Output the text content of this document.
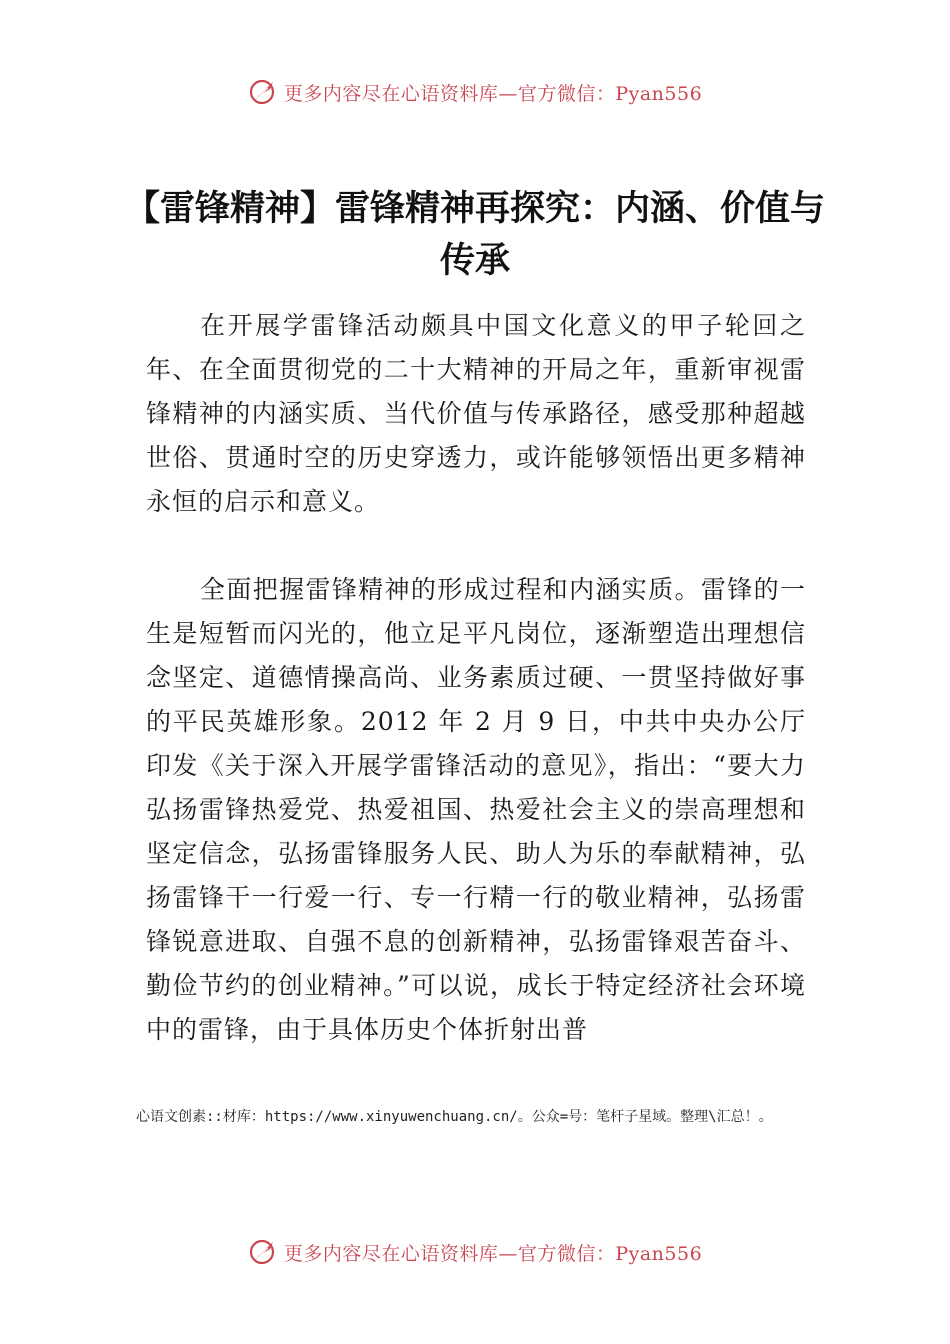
更多内容尽在心语资料库—官方微信：Pyan556
【雷锋精神】雷锋精神再探究：内涵、价值与传承

在开展学雷锋活动颇具中国文化意义的甲子轮回之年、在全面贯彻党的二十大精神的开局之年，重新审视雷锋精神的内涵实质、当代价值与传承路径，感受那种超越世俗、贯通时空的历史穿透力，或许能够领悟出更多精神永恒的启示和意义。

全面把握雷锋精神的形成过程和内涵实质。雷锋的一生是短暂而闪光的，他立足平凡岗位，逐渐塑造出理想信念坚定、道德情操高尚、业务素质过硬、一贯坚持做好事的平民英雄形象。2012 年 2 月 9 日，中共中央办公厅印发《关于深入开展学雷锋活动的意见》，指出：“要大力弘扬雷锋热爱党、热爱祖国、热爱社会主义的崇高理想和坚定信念，弘扬雷锋服务人民、助人为乐的奉献精神，弘扬雷锋干一行爱一行、专一行精一行的敬业精神，弘扬雷锋锐意进取、自强不息的创新精神，弘扬雷锋艰苦奋斗、勤俭节约的创业精神。”可以说，成长于特定经济社会环境中的雷锋，由于具体历史个体折射出普

心语文创素::材库：https://www.xinyuwenchuang.cn/。公众=号：笔杆子星域。整理\汇总！。

更多内容尽在心语资料库—官方微信：Pyan556
